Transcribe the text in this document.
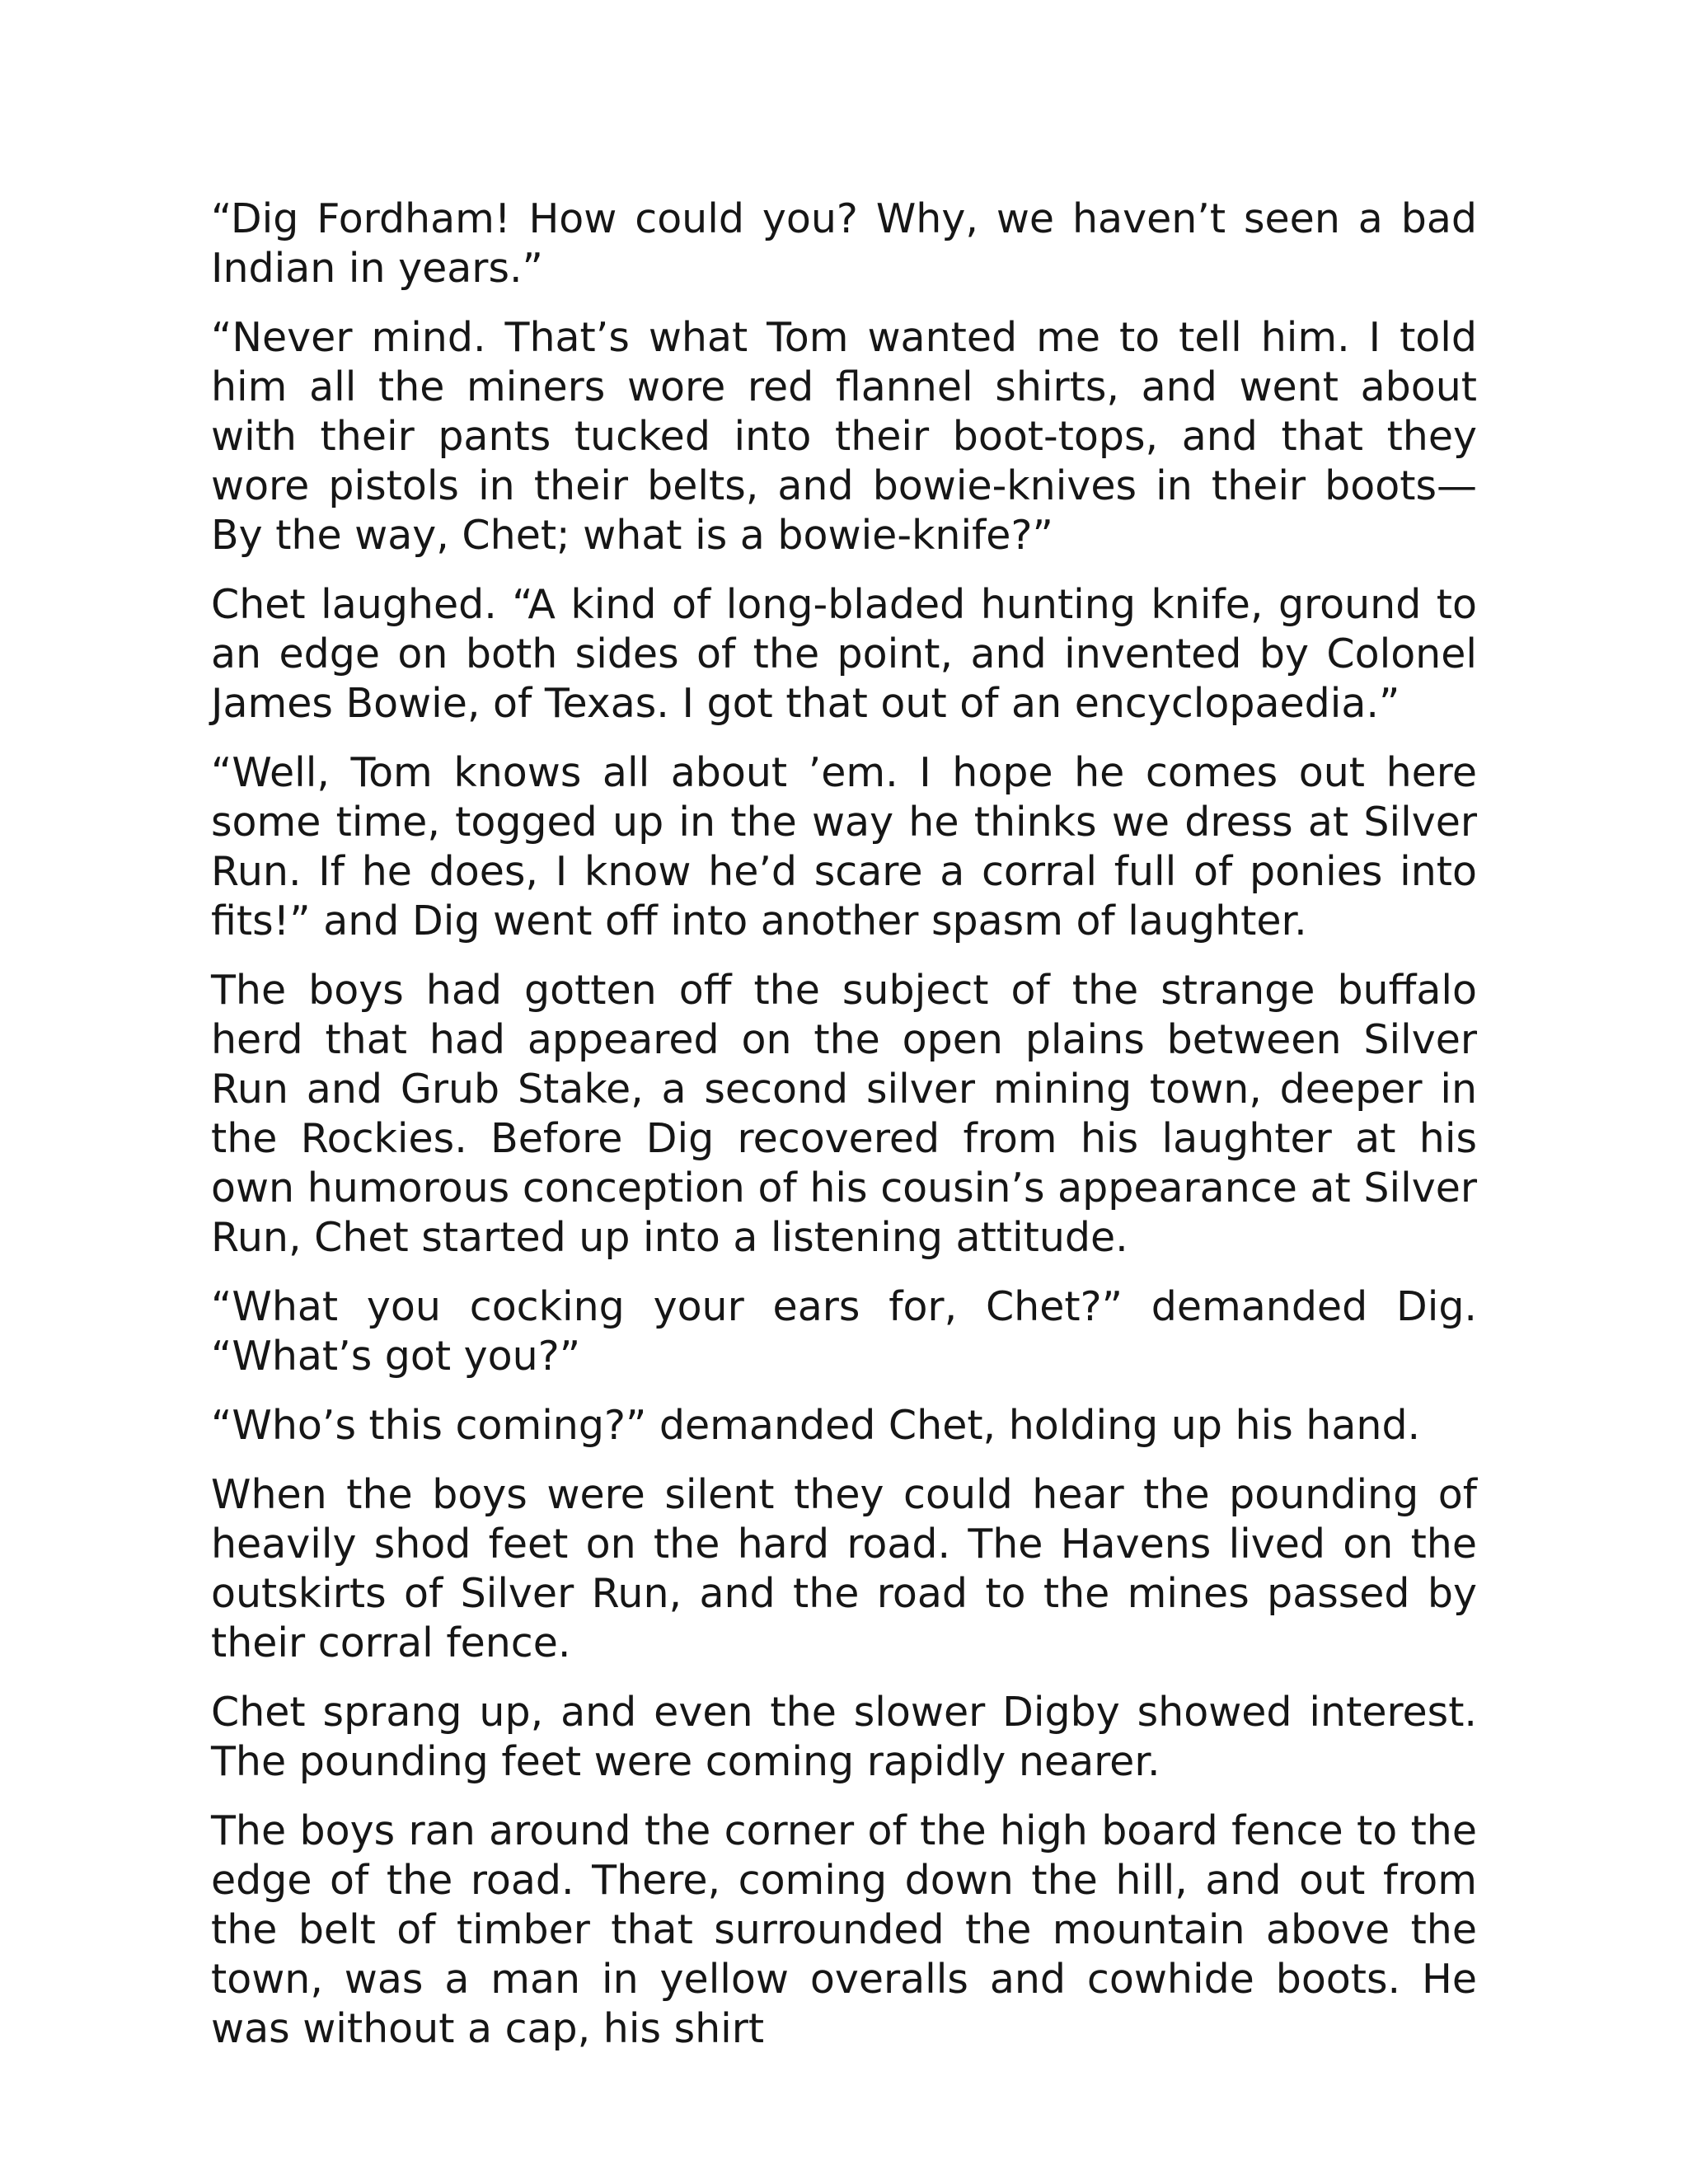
“Dig Fordham! How could you? Why, we haven’t seen a bad Indian in years.”

“Never mind. That’s what Tom wanted me to tell him. I told him all the miners wore red flannel shirts, and went about with their pants tucked into their boot-tops, and that they wore pistols in their belts, and bowie-knives in their boots— By the way, Chet; what is a bowie-knife?”

Chet laughed. “A kind of long-bladed hunting knife, ground to an edge on both sides of the point, and invented by Colonel James Bowie, of Texas. I got that out of an encyclopaedia.”

“Well, Tom knows all about ’em. I hope he comes out here some time, togged up in the way he thinks we dress at Silver Run. If he does, I know he’d scare a corral full of ponies into fits!” and Dig went off into another spasm of laughter.

The boys had gotten off the subject of the strange buffalo herd that had appeared on the open plains between Silver Run and Grub Stake, a second silver mining town, deeper in the Rockies. Before Dig recovered from his laughter at his own humorous conception of his cousin’s appearance at Silver Run, Chet started up into a listening attitude.

“What you cocking your ears for, Chet?” demanded Dig. “What’s got you?”

“Who’s this coming?” demanded Chet, holding up his hand.

When the boys were silent they could hear the pounding of heavily shod feet on the hard road. The Havens lived on the outskirts of Silver Run, and the road to the mines passed by their corral fence.

Chet sprang up, and even the slower Digby showed interest. The pounding feet were coming rapidly nearer.

The boys ran around the corner of the high board fence to the edge of the road. There, coming down the hill, and out from the belt of timber that surrounded the mountain above the town, was a man in yellow overalls and cowhide boots. He was without a cap, his shirt
